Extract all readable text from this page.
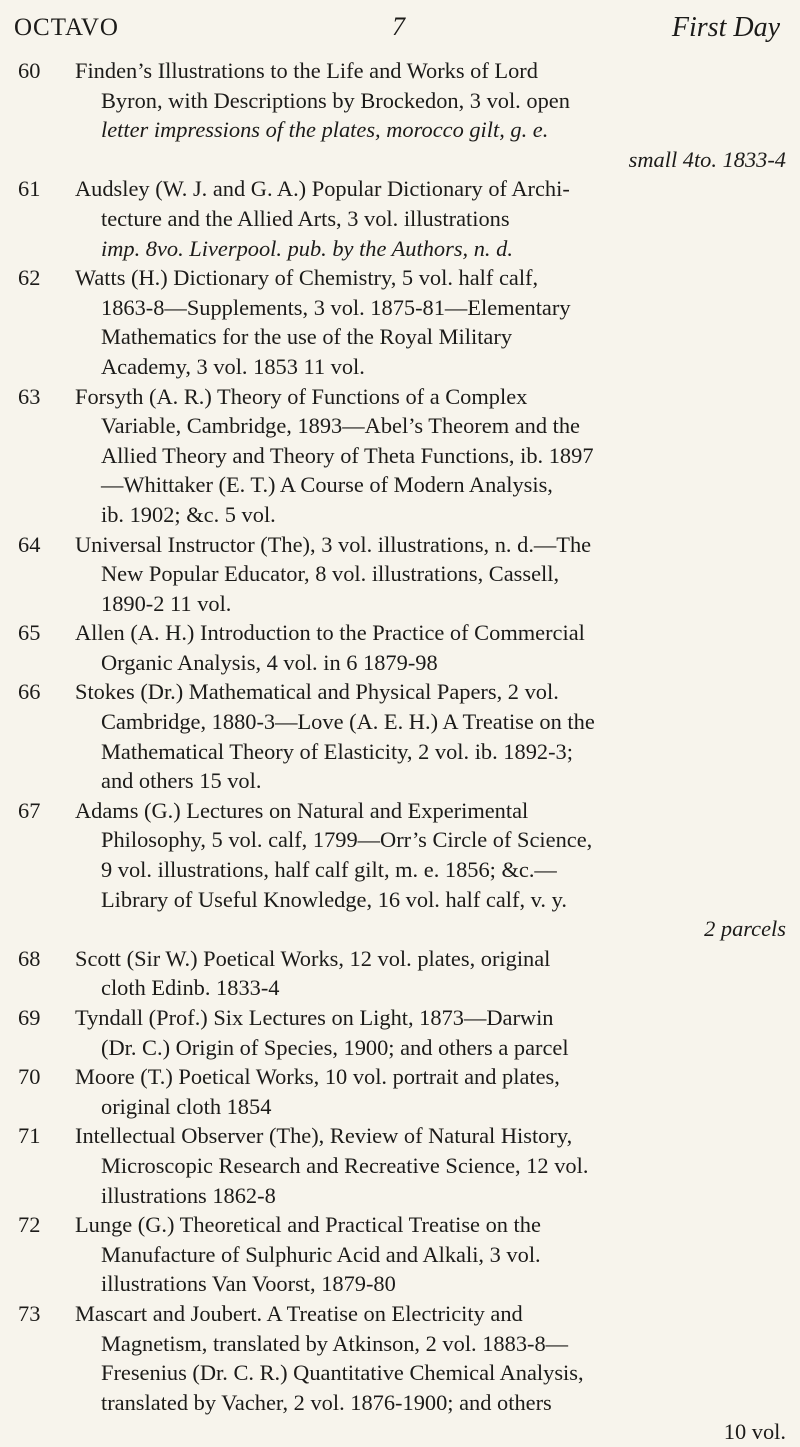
OCTAVO	7	First Day
60	Finden’s Illustrations to the Life and Works of Lord
Byron, with Descriptions by Brockedon, 3 vol. open
letter impressions of the plates, morocco gilt, g. e.
small 4to. 1833-4
61	Audsley (W. J. and G. A.) Popular Dictionary of Archi-
tecture and the Allied Arts, 3 vol. illustrations
imp. 8vo. Liverpool. pub. by the Authors, n. d.
62	Watts (H.) Dictionary of Chemistry, 5 vol. half calf,
1863-8—Supplements, 3 vol. 1875-81—Elementary
Mathematics for the use of the Royal Military
Academy, 3 vol. 1853 11 vol.
63	Forsyth (A. R.) Theory of Functions of a Complex
Variable, Cambridge, 1893—Abel’s Theorem and the
Allied Theory and Theory of Theta Functions, ib. 1897
—Whittaker (E. T.) A Course of Modern Analysis,
ib. 1902; &c. 5 vol.
64	Universal Instructor (The), 3 vol. illustrations, n. d.—The
New Popular Educator, 8 vol. illustrations, Cassell,
1890-2 11 vol.
65	Allen (A. H.) Introduction to the Practice of Commercial
Organic Analysis, 4 vol. in 6 1879-98
66	Stokes (Dr.) Mathematical and Physical Papers, 2 vol.
Cambridge, 1880-3—Love (A. E. H.) A Treatise on the
Mathematical Theory of Elasticity, 2 vol. ib. 1892-3;
and others 15 vol.
67	Adams (G.) Lectures on Natural and Experimental
Philosophy, 5 vol. calf, 1799—Orr’s Circle of Science,
9 vol. illustrations, half calf gilt, m. e. 1856; &c.—
Library of Useful Knowledge, 16 vol. half calf, v. y.
2 parcels
68	Scott (Sir W.) Poetical Works, 12 vol. plates, original
cloth Edinb. 1833-4
69	Tyndall (Prof.) Six Lectures on Light, 1873—Darwin
(Dr. C.) Origin of Species, 1900; and others a parcel
70	Moore (T.) Poetical Works, 10 vol. portrait and plates,
original cloth 1854
71	Intellectual Observer (The), Review of Natural History,
Microscopic Research and Recreative Science, 12 vol.
illustrations 1862-8
72	Lunge (G.) Theoretical and Practical Treatise on the
Manufacture of Sulphuric Acid and Alkali, 3 vol.
illustrations Van Voorst, 1879-80
73	Mascart and Joubert. A Treatise on Electricity and
Magnetism, translated by Atkinson, 2 vol. 1883-8—
Fresenius (Dr. C. R.) Quantitative Chemical Analysis,
translated by Vacher, 2 vol. 1876-1900; and others
10 vol.
